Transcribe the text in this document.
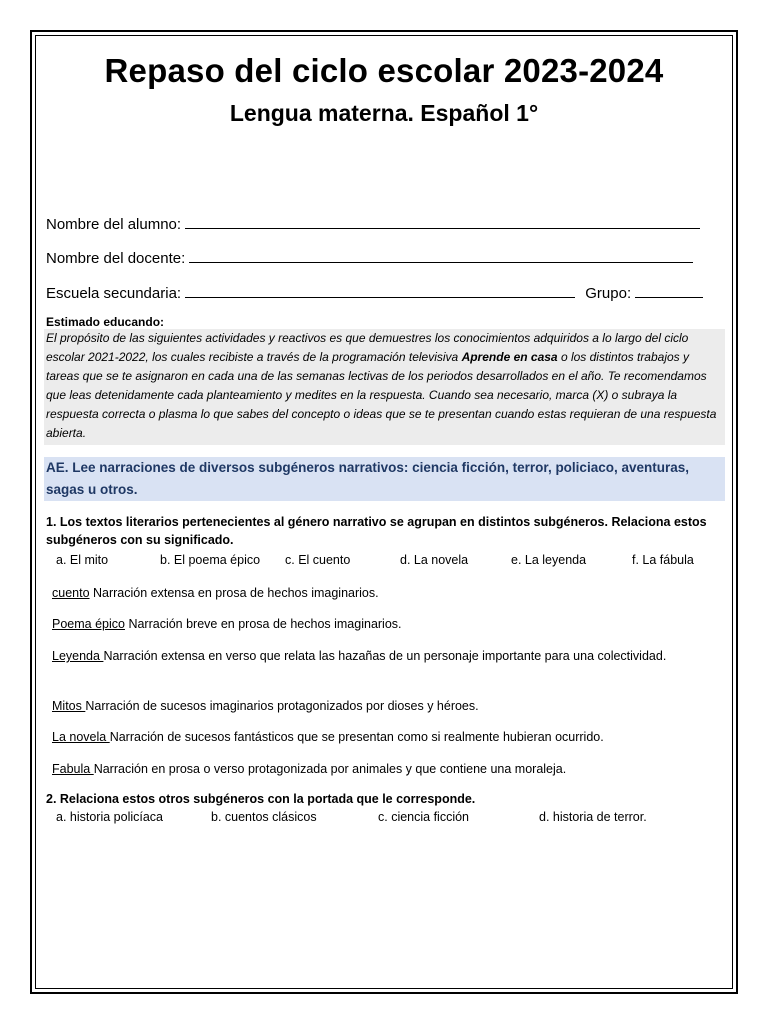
Repaso del ciclo escolar 2023-2024
Lengua materna. Español 1°
Nombre del alumno:
Nombre del docente:
Escuela secundaria:	Grupo:
Estimado educando:
El propósito de las siguientes actividades y reactivos es que demuestres los conocimientos adquiridos a lo largo del ciclo escolar 2021-2022, los cuales recibiste a través de la programación televisiva Aprende en casa o los distintos trabajos y tareas que se te asignaron en cada una de las semanas lectivas de los periodos desarrollados en el año. Te recomendamos que leas detenidamente cada planteamiento y medites en la respuesta. Cuando sea necesario, marca (X) o subraya la respuesta correcta o plasma lo que sabes del concepto o ideas que se te presentan cuando estas requieran de una respuesta abierta.
AE. Lee narraciones de diversos subgéneros narrativos: ciencia ficción, terror, policiaco, aventuras, sagas u otros.
1. Los textos literarios pertenecientes al género narrativo se agrupan en distintos subgéneros. Relaciona estos subgéneros con su significado.
a. El mito	b. El poema épico c. El cuento	d. La novela	e. La leyenda	f. La fábula
cuento Narración extensa en prosa de hechos imaginarios.
Poema épico Narración breve en prosa de hechos imaginarios.
Leyenda Narración extensa en verso que relata las hazañas de un personaje importante para una colectividad.
Mitos Narración de sucesos imaginarios protagonizados por dioses y héroes.
La novela Narración de sucesos fantásticos que se presentan como si realmente hubieran ocurrido.
Fabula Narración en prosa o verso protagonizada por animales y que contiene una moraleja.
2. Relaciona estos otros subgéneros con la portada que le corresponde.
a. historia policíaca	b. cuentos clásicos	c. ciencia ficción	d. historia de terror.
